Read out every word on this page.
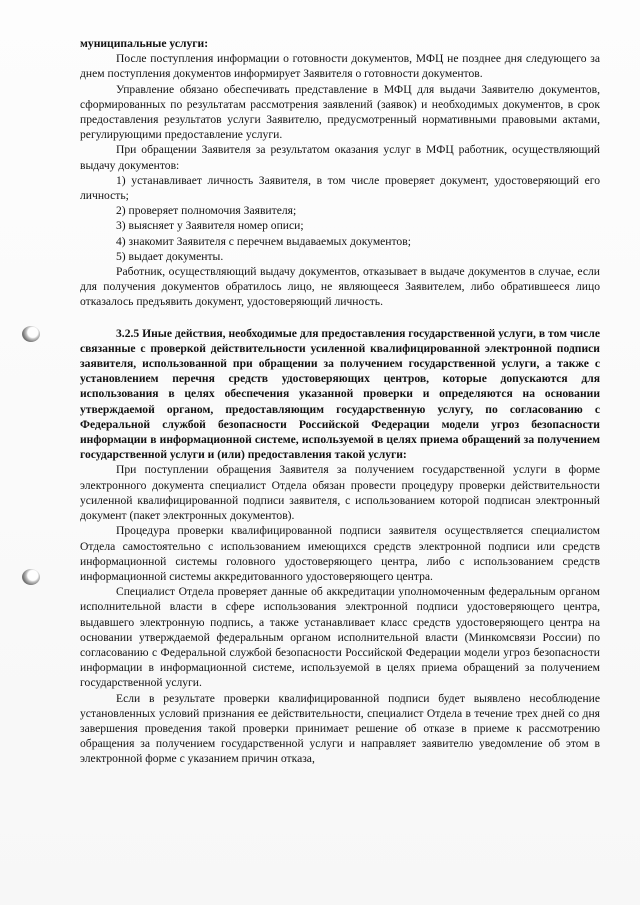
муниципальные услуги:

После поступления информации о готовности документов, МФЦ не позднее дня следующего за днем поступления документов информирует Заявителя о готовности документов.

Управление обязано обеспечивать представление в МФЦ для выдачи Заявителю документов, сформированных по результатам рассмотрения заявлений (заявок) и необходимых документов, в срок предоставления результатов услуги Заявителю, предусмотренный нормативными правовыми актами, регулирующими предоставление услуги.

При обращении Заявителя за результатом оказания услуг в МФЦ работник, осуществляющий выдачу документов:

1) устанавливает личность Заявителя, в том числе проверяет документ, удостоверяющий его личность;

2) проверяет полномочия Заявителя;

3) выясняет у Заявителя номер описи;

4) знакомит Заявителя с перечнем выдаваемых документов;

5) выдает документы.

Работник, осуществляющий выдачу документов, отказывает в выдаче документов в случае, если для получения документов обратилось лицо, не являющееся Заявителем, либо обратившееся лицо отказалось предъявить документ, удостоверяющий личность.

3.2.5 Иные действия, необходимые для предоставления государственной услуги, в том числе связанные с проверкой действительности усиленной квалифицированной электронной подписи заявителя, использованной при обращении за получением государственной услуги, а также с установлением перечня средств удостоверяющих центров, которые допускаются для использования в целях обеспечения указанной проверки и определяются на основании утверждаемой органом, предоставляющим государственную услугу, по согласованию с Федеральной службой безопасности Российской Федерации модели угроз безопасности информации в информационной системе, используемой в целях приема обращений за получением государственной услуги и (или) предоставления такой услуги:

При поступлении обращения Заявителя за получением государственной услуги в форме электронного документа специалист Отдела обязан провести процедуру проверки действительности усиленной квалифицированной подписи заявителя, с использованием которой подписан электронный документ (пакет электронных документов).

Процедура проверки квалифицированной подписи заявителя осуществляется специалистом Отдела самостоятельно с использованием имеющихся средств электронной подписи или средств информационной системы головного удостоверяющего центра, либо с использованием средств информационной системы аккредитованного удостоверяющего центра.

Специалист Отдела проверяет данные об аккредитации уполномоченным федеральным органом исполнительной власти в сфере использования электронной подписи удостоверяющего центра, выдавшего электронную подпись, а также устанавливает класс средств удостоверяющего центра на основании утверждаемой федеральным органом исполнительной власти (Минкомсвязи России) по согласованию с Федеральной службой безопасности Российской Федерации модели угроз безопасности информации в информационной системе, используемой в целях приема обращений за получением государственной услуги.

Если в результате проверки квалифицированной подписи будет выявлено несоблюдение установленных условий признания ее действительности, специалист Отдела в течение трех дней со дня завершения проведения такой проверки принимает решение об отказе в приеме к рассмотрению обращения за получением государственной услуги и направляет заявителю уведомление об этом в электронной форме с указанием причин отказа,
